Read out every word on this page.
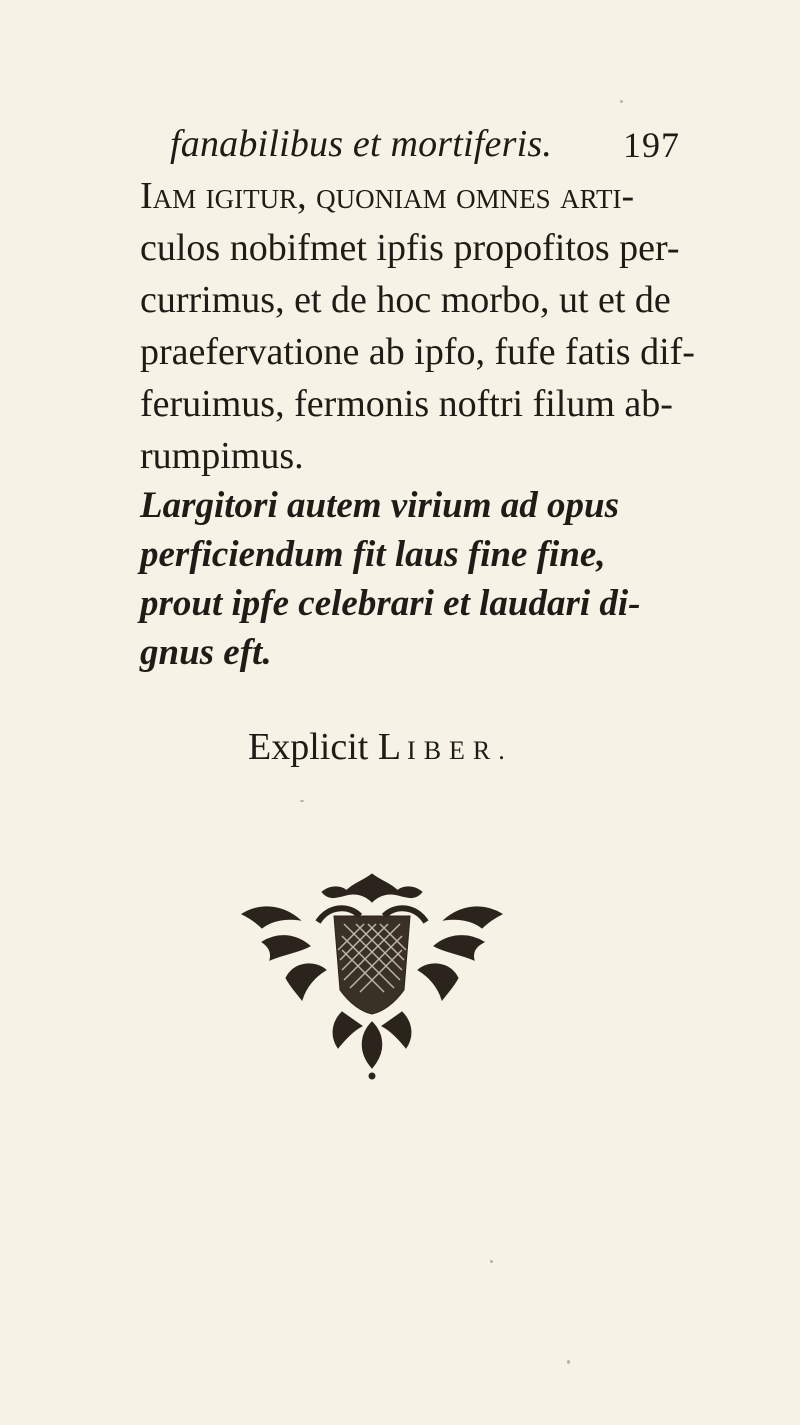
fanabilibus et mortiferis. 197
Iam igitur, quoniam omnes arti-
culos nobifmet ipfis propofitos per-
currimus, et de hoc morbo, ut et de
praefervatione ab ipfo, fufe fatis dif-
feruimus, fermonis noftri filum ab-
rumpimus.
Largitori autem virium ad opus
perficiendum fit laus fine fine,
prout ipfe celebrari et laudari di-
gnus eft.
Explicit LIBER.
